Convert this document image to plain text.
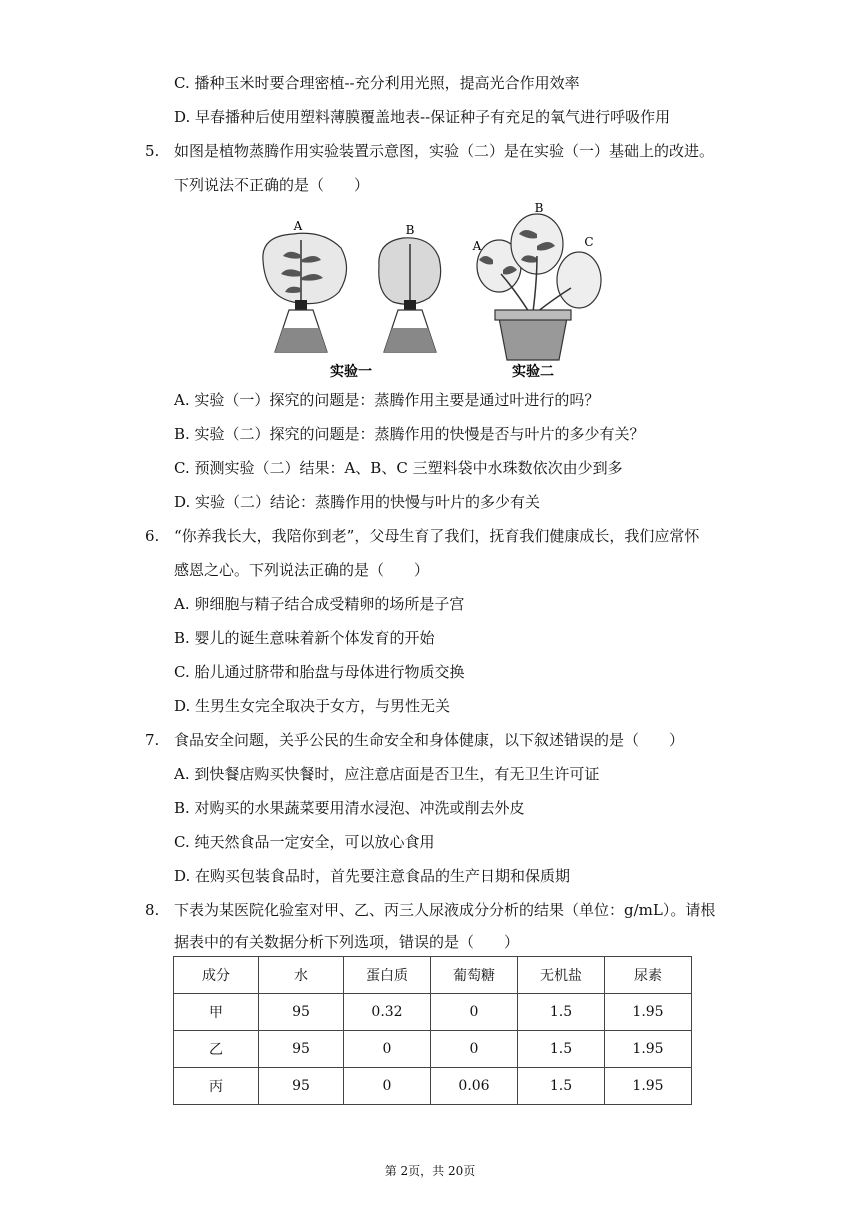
C. 播种玉米时要合理密植--充分利用光照，提高光合作用效率
D. 早春播种后使用塑料薄膜覆盖地表--保证种子有充足的氧气进行呼吸作用
5. 如图是植物蒸腾作用实验装置示意图，实验（二）是在实验（一）基础上的改进。
下列说法不正确的是（　　）
A	B
A
B
C
实验一	实验二
A. 实验（一）探究的问题是：蒸腾作用主要是通过叶进行的吗？
B. 实验（二）探究的问题是：蒸腾作用的快慢是否与叶片的多少有关？
C. 预测实验（二）结果：A、B、C 三塑料袋中水珠数依次由少到多
D. 实验（二）结论：蒸腾作用的快慢与叶片的多少有关
6. “你养我长大，我陪你到老”，父母生育了我们，抚育我们健康成长，我们应常怀
感恩之心。下列说法正确的是（　　）
A. 卵细胞与精子结合成受精卵的场所是子宫
B. 婴儿的诞生意味着新个体发育的开始
C. 胎儿通过脐带和胎盘与母体进行物质交换
D. 生男生女完全取决于女方，与男性无关
7. 食品安全问题，关乎公民的生命安全和身体健康，以下叙述错误的是（　　）
A. 到快餐店购买快餐时，应注意店面是否卫生，有无卫生许可证
B. 对购买的水果蔬菜要用清水浸泡、冲洗或削去外皮
C. 纯天然食品一定安全，可以放心食用
D. 在购买包装食品时，首先要注意食品的生产日期和保质期
8. 下表为某医院化验室对甲、乙、丙三人尿液成分分析的结果（单位：g/mL）。请根
据表中的有关数据分析下列选项，错误的是（　　）
成分	水	蛋白质	葡萄糖	无机盐	尿素
甲	95	0.32	0	1.5	1.95
乙	95	0	0	1.5	1.95
丙	95	0	0.06	1.5	1.95
第 2页，共 20页
